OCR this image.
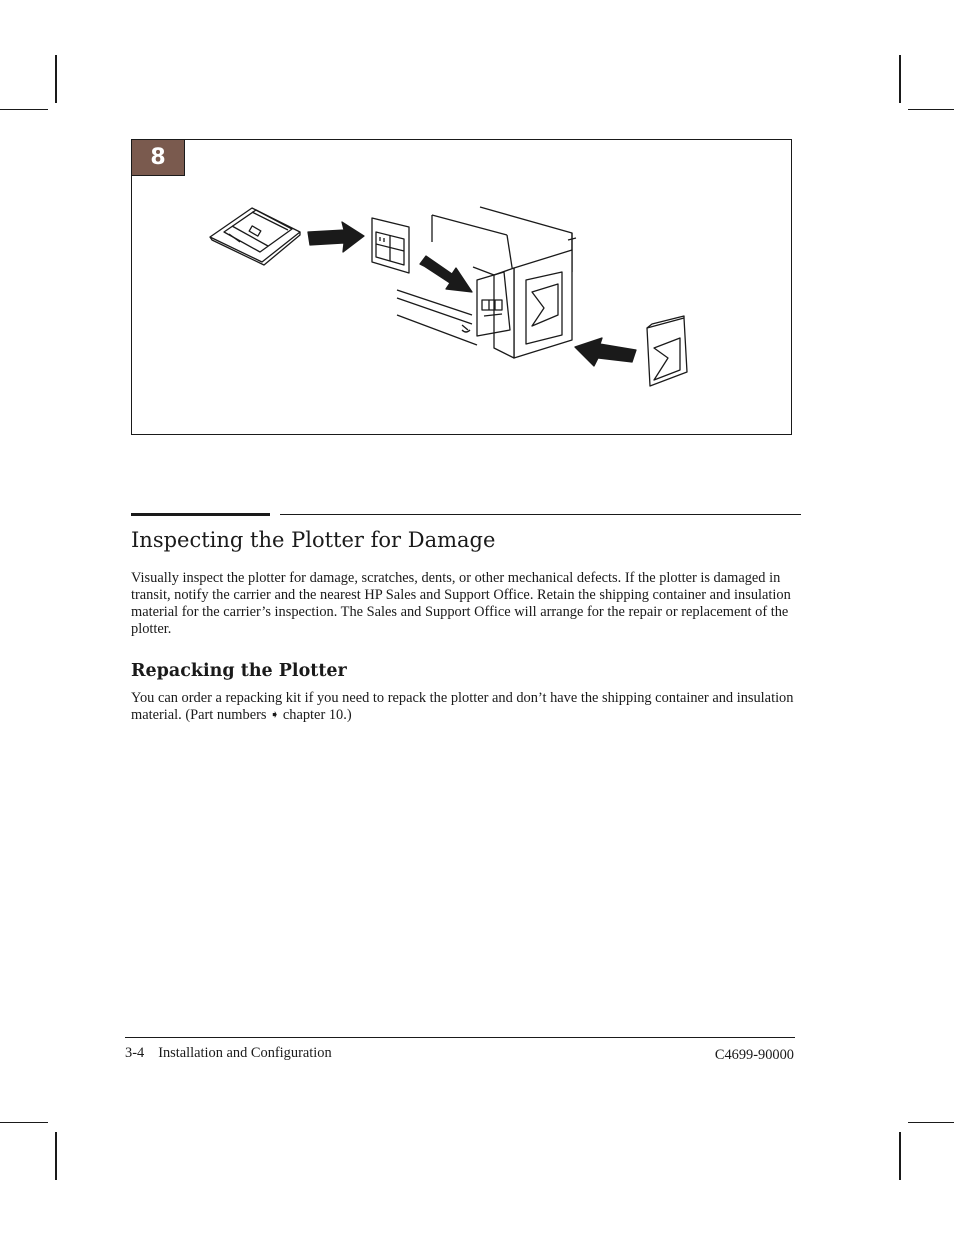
8
Inspecting the Plotter for Damage

Visually inspect the plotter for damage, scratches, dents, or other mechanical defects. If the plotter is damaged in transit, notify the carrier and the nearest HP Sales and Support Office. Retain the shipping container and insulation material for the carrier’s inspection. The Sales and Support Office will arrange for the repair or replacement of the plotter.

Repacking the Plotter

You can order a repacking kit if you need to repack the plotter and don’t have the shipping container and insulation material. (Part numbers ➧ chapter 10.)

3-4 Installation and Configuration	C4699-90000
